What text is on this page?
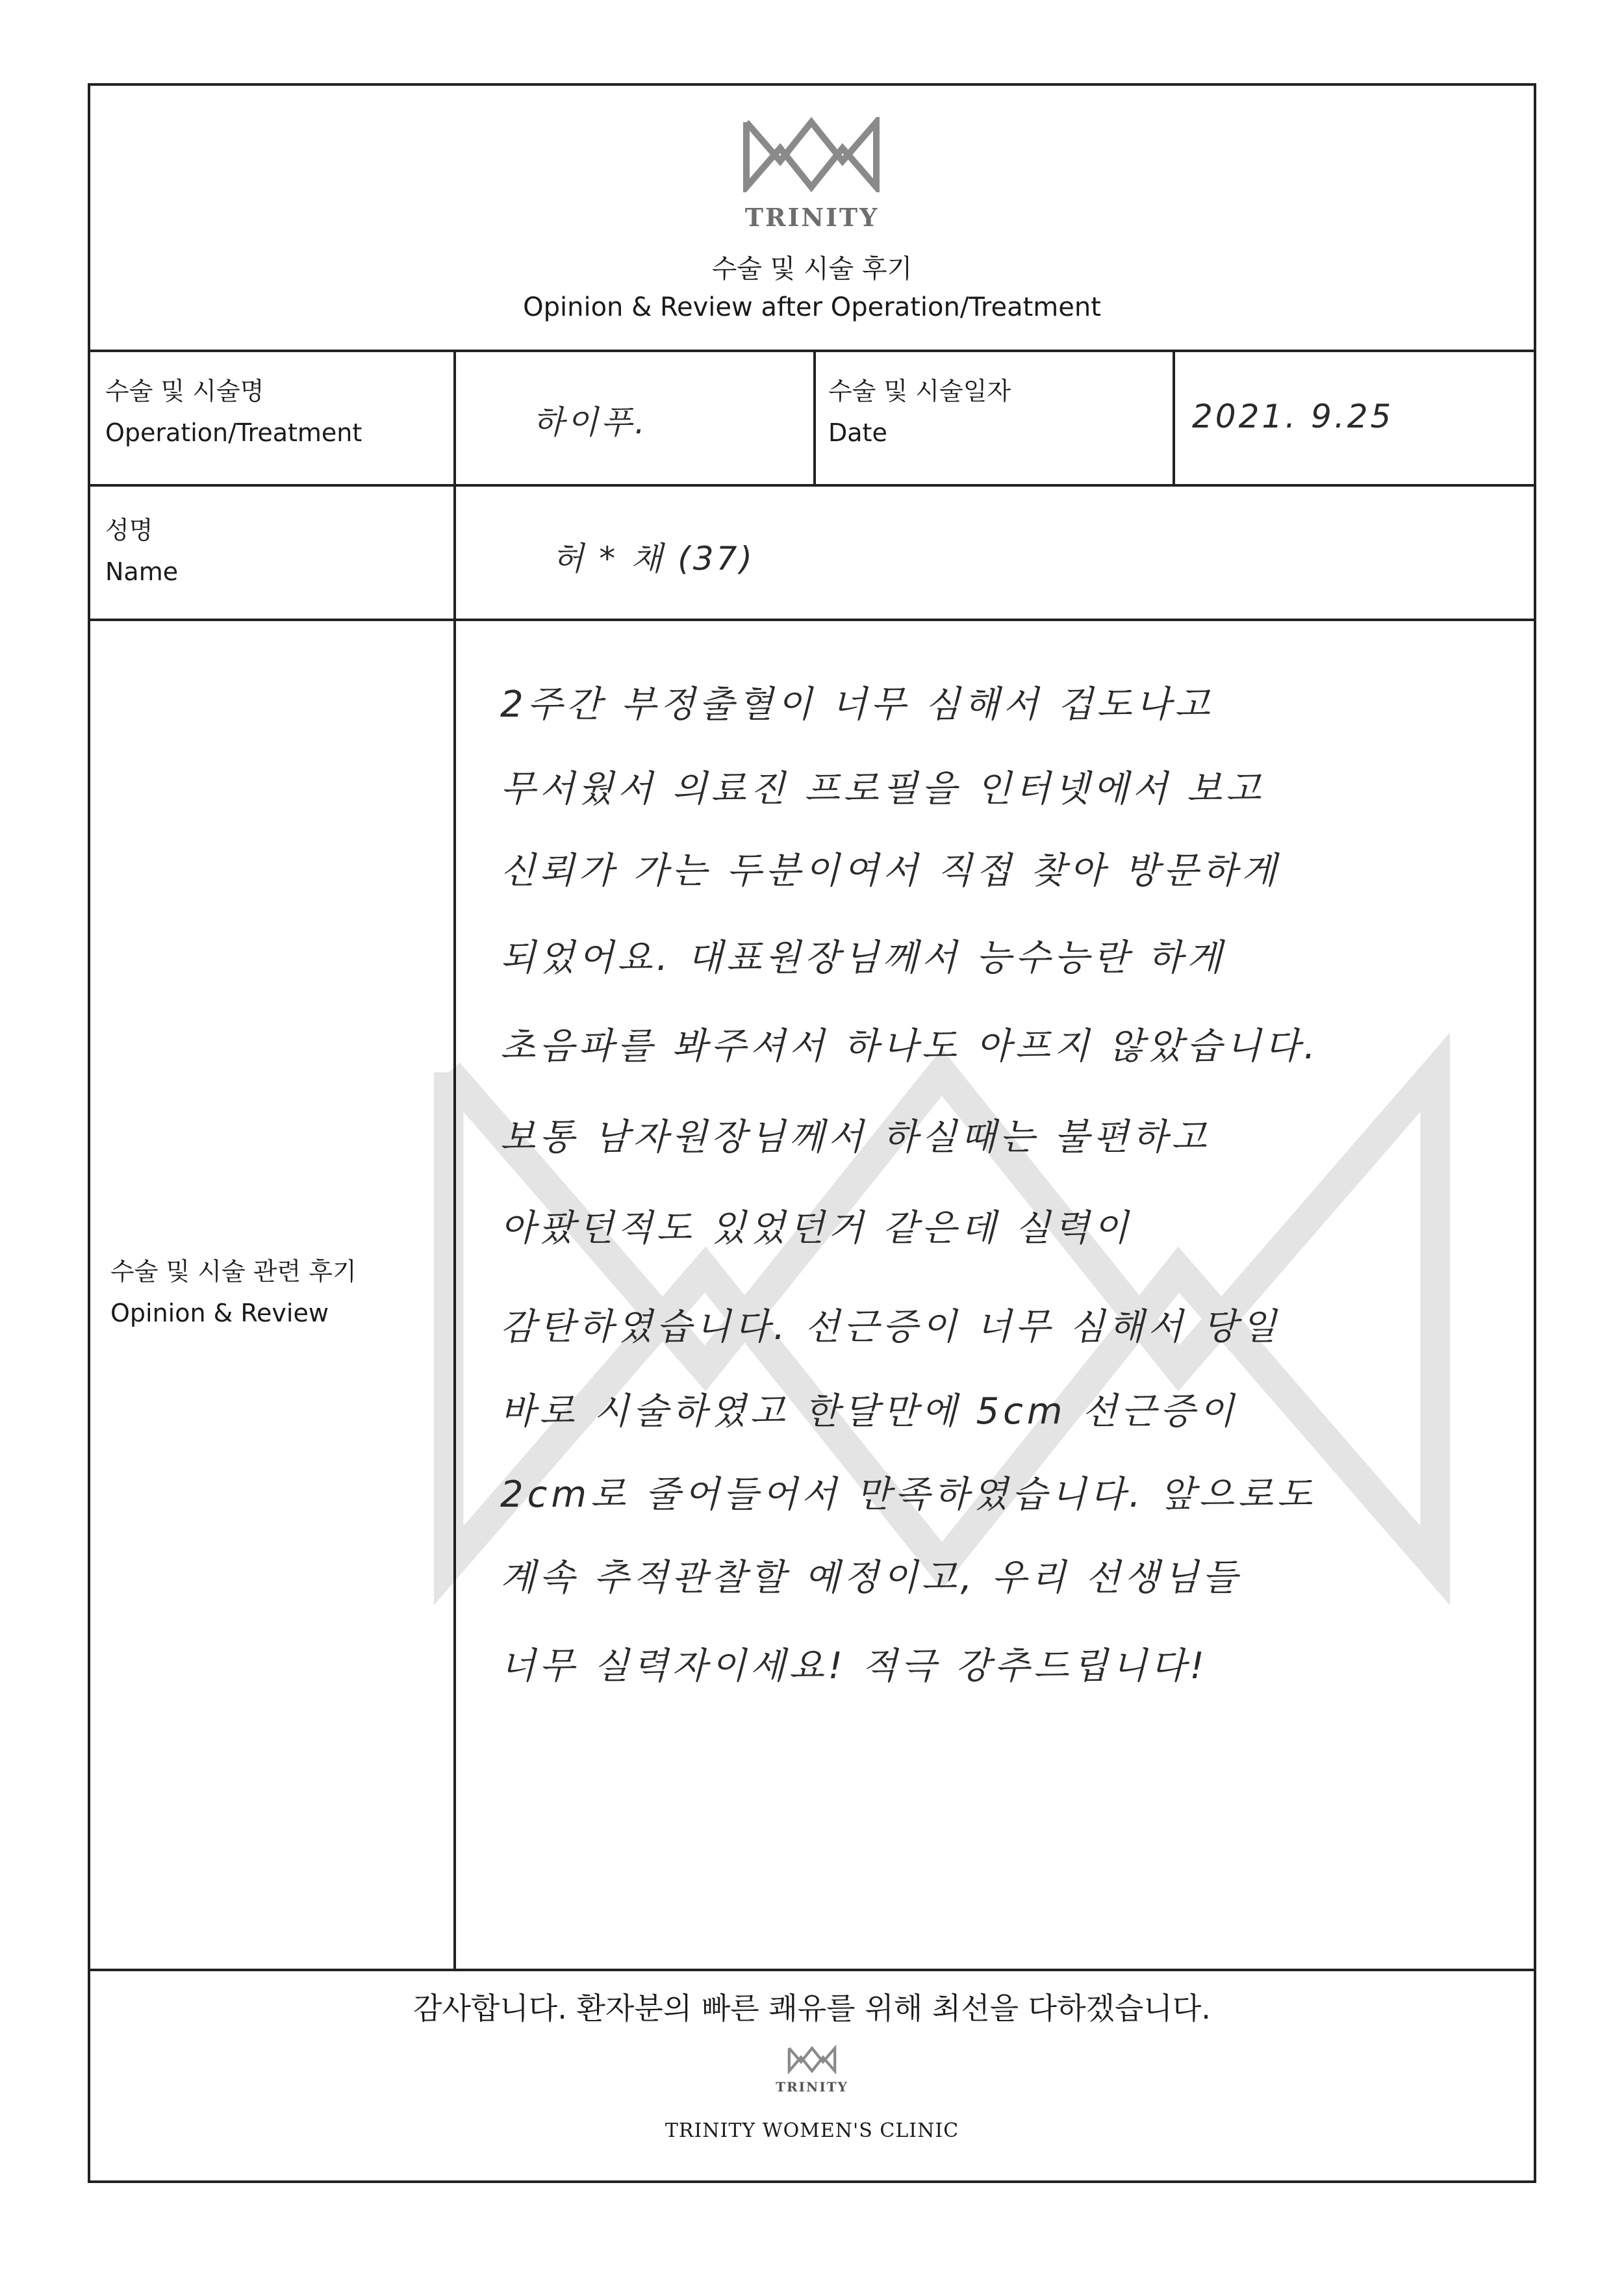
TRINITY
수술 및 시술 후기
Opinion & Review after Operation/Treatment
수술 및 시술명
Operation/Treatment	하이푸.
수술 및 시술일자
Date	2021. 9.25
성명
Name	허 * 채 (37)
수술 및 시술 관련 후기
Opinion & Review
2주간 부정출혈이 너무 심해서 겁도나고
무서웠서 의료진 프로필을 인터넷에서 보고
신뢰가 가는 두분이여서 직접 찾아 방문하게
되었어요. 대표원장님께서 능수능란 하게
초음파를 봐주셔서 하나도 아프지 않았습니다.
보통 남자원장님께서 하실때는 불편하고
아팠던적도 있었던거 같은데 실력이
감탄하였습니다. 선근증이 너무 심해서 당일
바로 시술하였고 한달만에 5cm 선근증이
2cm로 줄어들어서 만족하였습니다. 앞으로도
계속 추적관찰할 예정이고, 우리 선생님들
너무 실력자이세요! 적극 강추드립니다!
감사합니다. 환자분의 빠른 쾌유를 위해 최선을 다하겠습니다.
TRINITY
TRINITY WOMEN'S CLINIC
